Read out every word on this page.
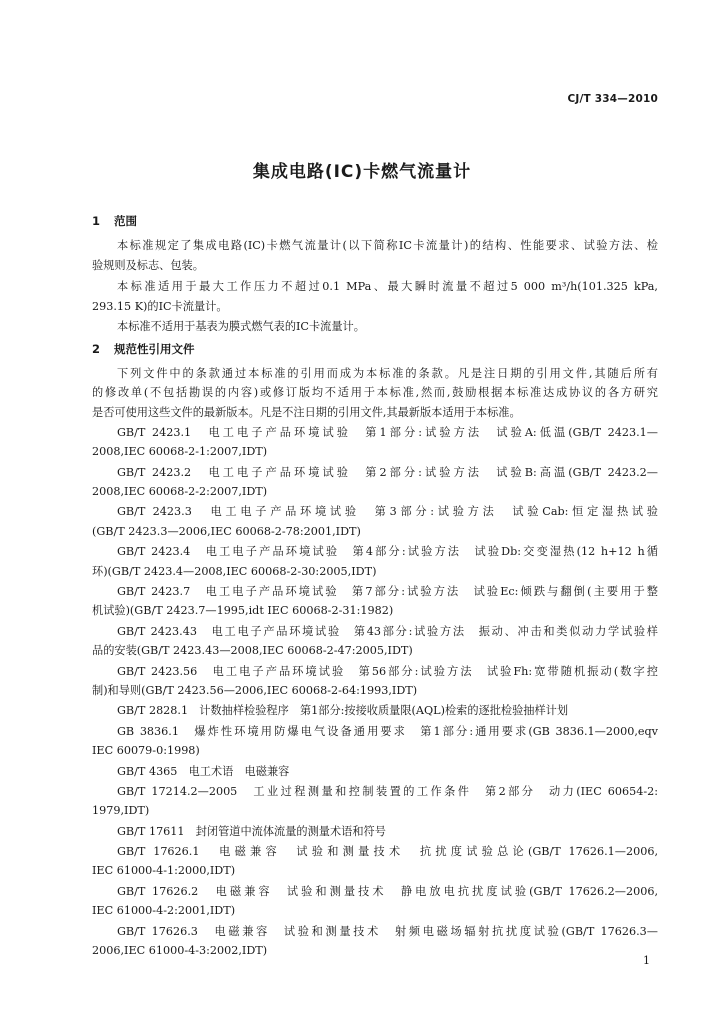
CJ/T 334—2010
集成电路(IC)卡燃气流量计
1 范围
本标准规定了集成电路(IC)卡燃气流量计(以下简称IC卡流量计)的结构、性能要求、试验方法、检
验规则及标志、包装。
本标准适用于最大工作压力不超过0.1 MPa、最大瞬时流量不超过5 000 m³/h(101.325 kPa,
293.15 K)的IC卡流量计。
本标准不适用于基表为膜式燃气表的IC卡流量计。
2 规范性引用文件
下列文件中的条款通过本标准的引用而成为本标准的条款。凡是注日期的引用文件,其随后所有
的修改单(不包括勘误的内容)或修订版均不适用于本标准,然而,鼓励根据本标准达成协议的各方研究
是否可使用这些文件的最新版本。凡是不注日期的引用文件,其最新版本适用于本标准。
GB/T 2423.1　电工电子产品环境试验　第1部分:试验方法　试验A:低温(GB/T 2423.1—
2008,IEC 60068-2-1:2007,IDT)
GB/T 2423.2　电工电子产品环境试验　第2部分:试验方法　试验B:高温(GB/T 2423.2—
2008,IEC 60068-2-2:2007,IDT)
GB/T 2423.3　电工电子产品环境试验　第3部分:试验方法　试验Cab:恒定湿热试验
(GB/T 2423.3—2006,IEC 60068-2-78:2001,IDT)
GB/T 2423.4　电工电子产品环境试验　第4部分:试验方法　试验Db:交变湿热(12 h+12 h循
环)(GB/T 2423.4—2008,IEC 60068-2-30:2005,IDT)
GB/T 2423.7　电工电子产品环境试验　第7部分:试验方法　试验Ec:倾跌与翻倒(主要用于整
机试验)(GB/T 2423.7—1995,idt IEC 60068-2-31:1982)
GB/T 2423.43　电工电子产品环境试验　第43部分:试验方法　振动、冲击和类似动力学试验样
品的安装(GB/T 2423.43—2008,IEC 60068-2-47:2005,IDT)
GB/T 2423.56　电工电子产品环境试验　第56部分:试验方法　试验Fh:宽带随机振动(数字控
制)和导则(GB/T 2423.56—2006,IEC 60068-2-64:1993,IDT)
GB/T 2828.1　计数抽样检验程序　第1部分:按接收质量限(AQL)检索的逐批检验抽样计划
GB 3836.1　爆炸性环境用防爆电气设备通用要求　第1部分:通用要求(GB 3836.1—2000,eqv
IEC 60079-0:1998)
GB/T 4365　电工术语　电磁兼容
GB/T 17214.2—2005　工业过程测量和控制装置的工作条件　第2部分　动力(IEC 60654-2:
1979,IDT)
GB/T 17611　封闭管道中流体流量的测量术语和符号
GB/T 17626.1　电磁兼容　试验和测量技术　抗扰度试验总论(GB/T 17626.1—2006,
IEC 61000-4-1:2000,IDT)
GB/T 17626.2　电磁兼容　试验和测量技术　静电放电抗扰度试验(GB/T 17626.2—2006,
IEC 61000-4-2:2001,IDT)
GB/T 17626.3　电磁兼容　试验和测量技术　射频电磁场辐射抗扰度试验(GB/T 17626.3—
2006,IEC 61000-4-3:2002,IDT)
1
